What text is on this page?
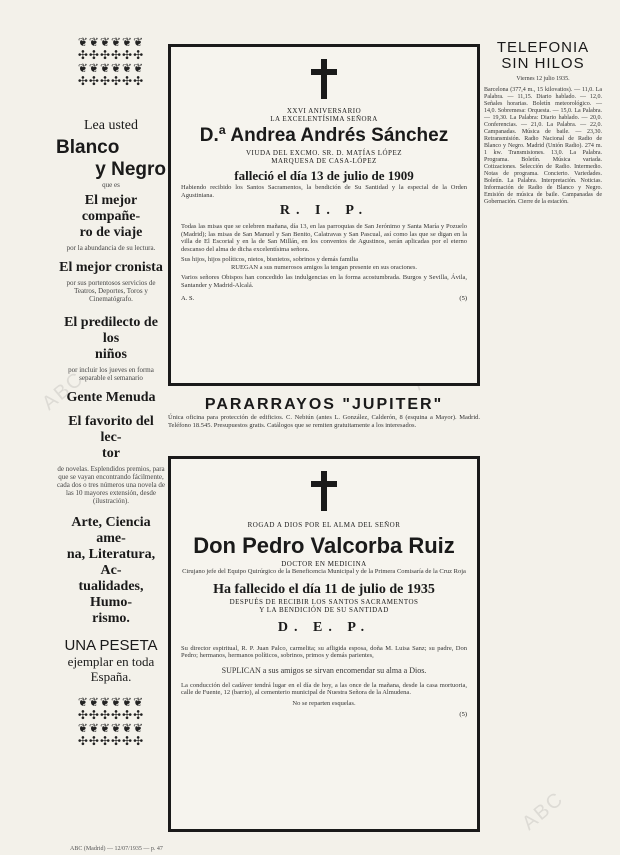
ABC
ABC
❦❦❦❦❦❦
✣✣✣✣✣✣
❦❦❦❦❦❦
✣✣✣✣✣✣
Lea usted
Blanco
y Negro
que es
El mejor compañe-
ro de viaje
por la abundancia de su lectura.
El mejor cronista
por sus portentosos servicios de Teatros, Deportes, Toros y Cinematógrafo.
El predilecto de los
niños
por incluir los jueves en forma separable el semanario
Gente Menuda
El favorito del lec-
tor
de novelas. Esplendidos premios, para que se vayan encontrando fácilmente, cada dos o tres números una novela de las 10 mayores extensión, desde (ilustración).
Arte, Ciencia ame-
na, Literatura, Ac-
tualidades, Humo-
rismo.
UNA PESETA
ejemplar en toda
España.
❦❦❦❦❦❦
✣✣✣✣✣✣
❦❦❦❦❦❦
✣✣✣✣✣✣
XXVI ANIVERSARIO
LA EXCELENTÍSIMA SEÑORA
D.ª Andrea Andrés Sánchez
VIUDA DEL EXCMO. SR. D. MATÍAS LÓPEZ
MARQUESA DE CASA-LÓPEZ
falleció el día 13 de julio de 1909
Habiendo recibido los Santos Sacramentos, la bendición de Su Santidad y la especial de la Orden Agustiniana.
R. I. P.
Todas las misas que se celebren mañana, día 13, en las parroquias de San Jerónimo y Santa María y Pozuelo (Madrid); las misas de San Manuel y San Benito, Calatravas y San Pascual, así como las que se digan en la villa de El Escorial y en la de San Millán, en los conventos de Agustinos, serán aplicadas por el eterno descanso del alma de dicha excelentísima señora.
Sus hijos, hijos políticos, nietos, bisnietos, sobrinos y demás familia
RUEGAN a sus numerosos amigos la tengan presente en sus oraciones.
Varios señores Obispos han concedido las indulgencias en la forma acostumbrada. Burgos y Sevilla, Ávila, Santander y Madrid-Alcalá.
A. S.	(5)
PARARRAYOS "JUPITER"
Única oficina para protección de edificios. C. Nebiún (antes L. González, Calderón, 8 (esquina a Mayor). Madrid. Teléfono 18.545. Presupuestos gratis. Catálogos que se remiten gratuitamente a los interesados.
ROGAD A DIOS POR EL ALMA DEL SEÑOR
Don Pedro Valcorba Ruiz
DOCTOR EN MEDICINA
Cirujano jefe del Equipo Quirúrgico de la Beneficencia Municipal y de la Primera Comisaría de la Cruz Roja
Ha fallecido el día 11 de julio de 1935
DESPUÉS DE RECIBIR LOS SANTOS SACRAMENTOS
Y LA BENDICIÓN DE SU SANTIDAD
D. E. P.
Su director espiritual, R. P. Juan Palco, carmelita; su afligida esposa, doña M. Luisa Sanz; su padre, Don Pedro; hermanos, hermanos políticos, sobrinos, primos y demás parientes,
SUPLICAN a sus amigos se sirvan encomendar su alma a Dios.
La conducción del cadáver tendrá lugar en el día de hoy, a las once de la mañana, desde la casa mortuoria, calle de Fuente, 12 (barrio), al cementerio municipal de Nuestra Señora de la Almudena.
No se reparten esquelas.
(5)
TELEFONIA
SIN HILOS
Viernes 12 julio 1935.
Barcelona (377,4 m., 15 kilovatios). — 11,0. La Palabra. — 11,15. Diario hablado. — 12,0. Señales horarias. Boletín meteorológico. — 14,0. Sobremesa: Orquesta. — 15,0. La Palabra. — 19,30. La Palabra: Diario hablado. — 20,0. Conferencias. — 21,0. La Palabra. — 22,0. Campanadas. Música de baile. — 23,30. Retransmisión. Radio Nacional de Radio de Blanco y Negro. Madrid (Unión Radio). 274 m. 1 kw. Transmisiones. 13,0. La Palabra. Programa. Boletín. Música variada. Cotizaciones. Selección de Radio. Intermedio. Notas de programa. Concierto. Variedades. Boletín. La Palabra. Interpretación. Noticias. Información de Radio de Blanco y Negro. Emisión de música de baile. Campanadas de Gobernación. Cierre de la estación.
ABC (Madrid) — 12/07/1935 — p. 47
